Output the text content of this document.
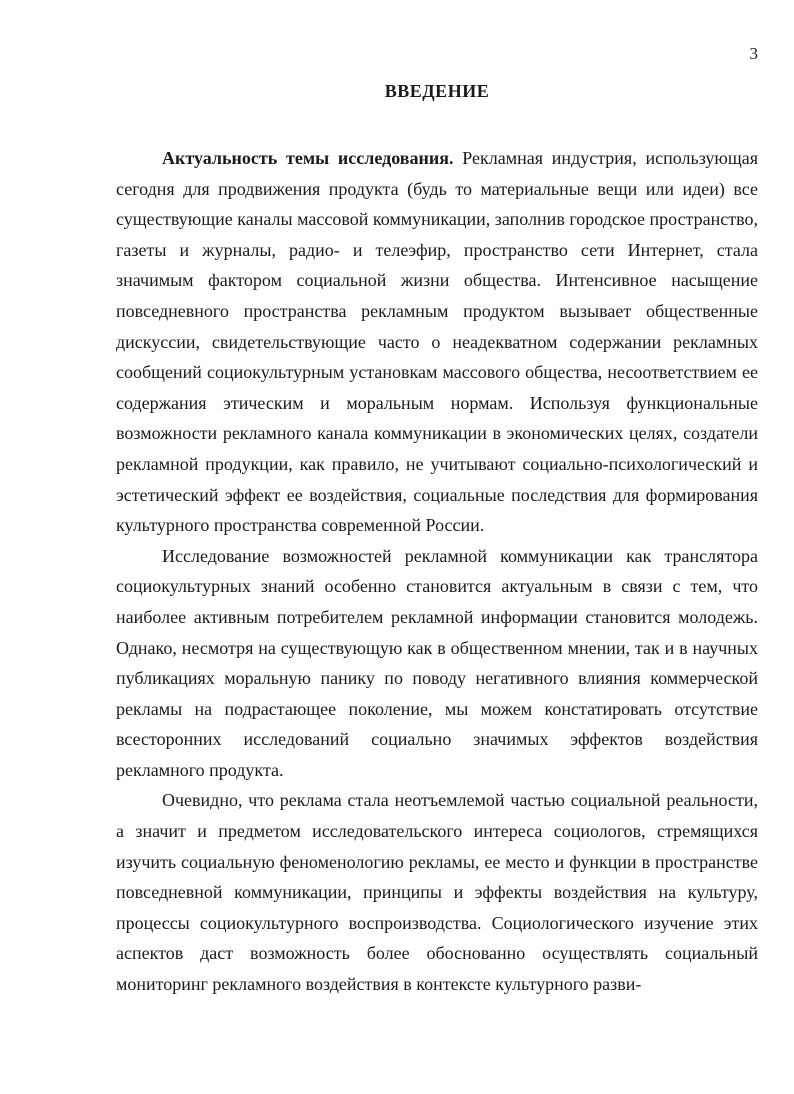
3
ВВЕДЕНИЕ

Актуальность темы исследования. Рекламная индустрия, использующая сегодня для продвижения продукта (будь то материальные вещи или идеи) все существующие каналы массовой коммуникации, заполнив городское пространство, газеты и журналы, радио- и телеэфир, пространство сети Интернет, стала значимым фактором социальной жизни общества. Интенсивное насыщение повседневного пространства рекламным продуктом вызывает общественные дискуссии, свидетельствующие часто о неадекватном содержании рекламных сообщений социокультурным установкам массового общества, несоответствием ее содержания этическим и моральным нормам. Используя функциональные возможности рекламного канала коммуникации в экономических целях, создатели рекламной продукции, как правило, не учитывают социально-психологический и эстетический эффект ее воздействия, социальные последствия для формирования культурного пространства современной России.

Исследование возможностей рекламной коммуникации как транслятора социокультурных знаний особенно становится актуальным в связи с тем, что наиболее активным потребителем рекламной информации становится молодежь. Однако, несмотря на существующую как в общественном мнении, так и в научных публикациях моральную панику по поводу негативного влияния коммерческой рекламы на подрастающее поколение, мы можем констатировать отсутствие всесторонних исследований социально значимых эффектов воздействия рекламного продукта.

Очевидно, что реклама стала неотъемлемой частью социальной реальности, а значит и предметом исследовательского интереса социологов, стремящихся изучить социальную феноменологию рекламы, ее место и функции в пространстве повседневной коммуникации, принципы и эффекты воздействия на культуру, процессы социокультурного воспроизводства. Социологического изучение этих аспектов даст возможность более обоснованно осуществлять социальный мониторинг рекламного воздействия в контексте культурного разви-
